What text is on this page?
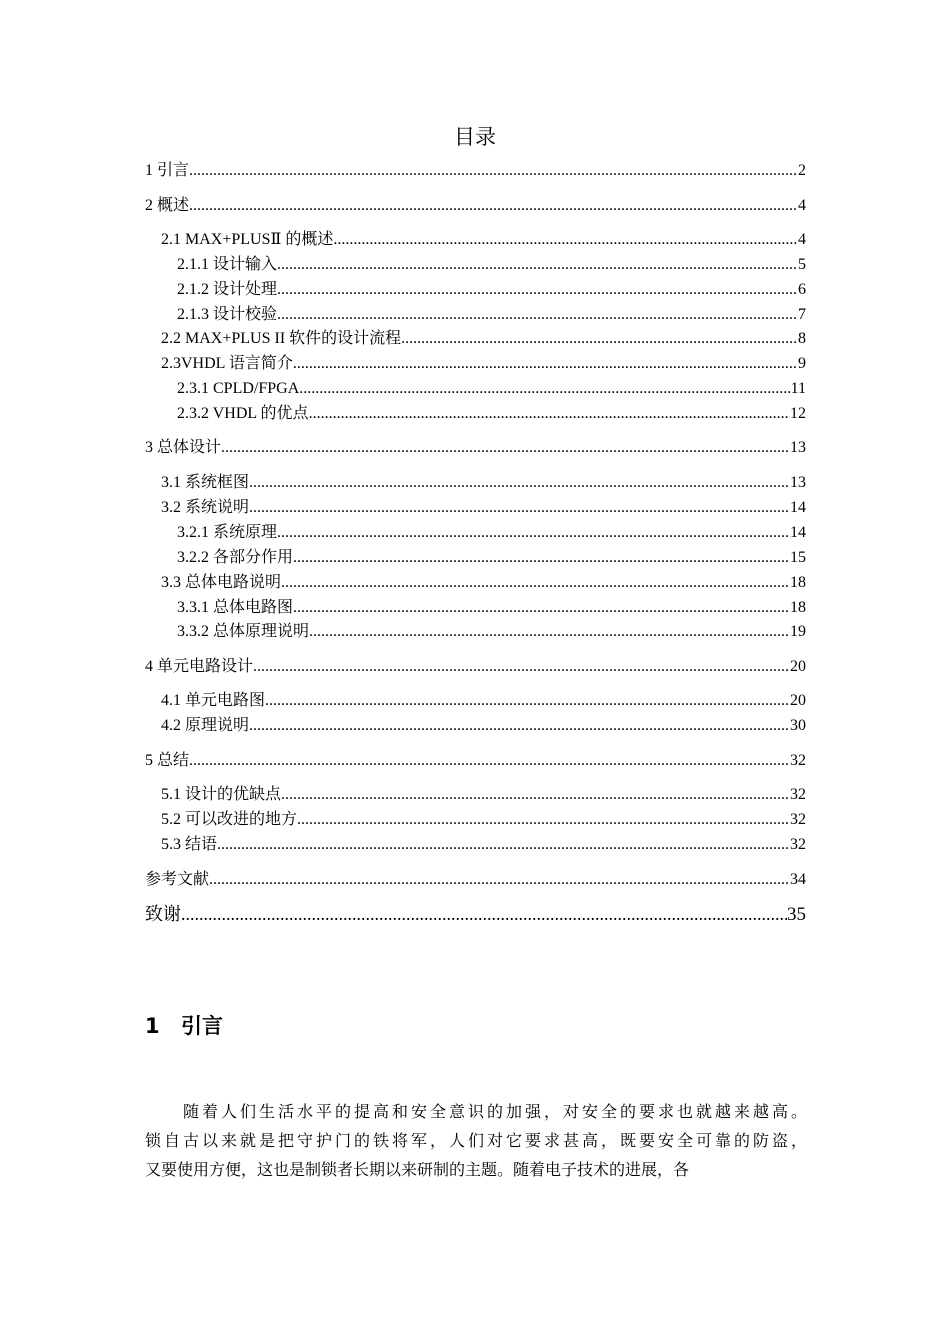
目录
1 引言 .....	2
2 概述 .....	4
2.1 MAX+PLUSⅡ 的概述 .....	4
2.1.1 设计输入 .....	5
2.1.2 设计处理 .....	6
2.1.3 设计校验 .....	7
2.2 MAX+PLUS II 软件的设计流程 .....	8
2.3VHDL 语言简介 .....	9
2.3.1 CPLD/FPGA .....	11
2.3.2 VHDL 的优点 .....	12
3 总体设计 .....	13
3.1 系统框图 .....	13
3.2 系统说明 .....	14
3.2.1 系统原理 .....	14
3.2.2 各部分作用 .....	15
3.3 总体电路说明 .....	18
3.3.1 总体电路图 .....	18
3.3.2 总体原理说明 .....	19
4 单元电路设计 .....	20
4.1 单元电路图 .....	20
4.2 原理说明 .....	30
5 总结 .....	32
5.1 设计的优缺点 .....	32
5.2 可以改进的地方 .....	32
5.3 结语 .....	32
参考文献 .....	34
致谢 .....	35
1 引言
随着人们生活水平的提高和安全意识的加强，对安全的要求也就越来越高。
锁自古以来就是把守护门的铁将军，人们对它要求甚高，既要安全可靠的防盗，
又要使用方便，这也是制锁者长期以来研制的主题。随着电子技术的进展，各
